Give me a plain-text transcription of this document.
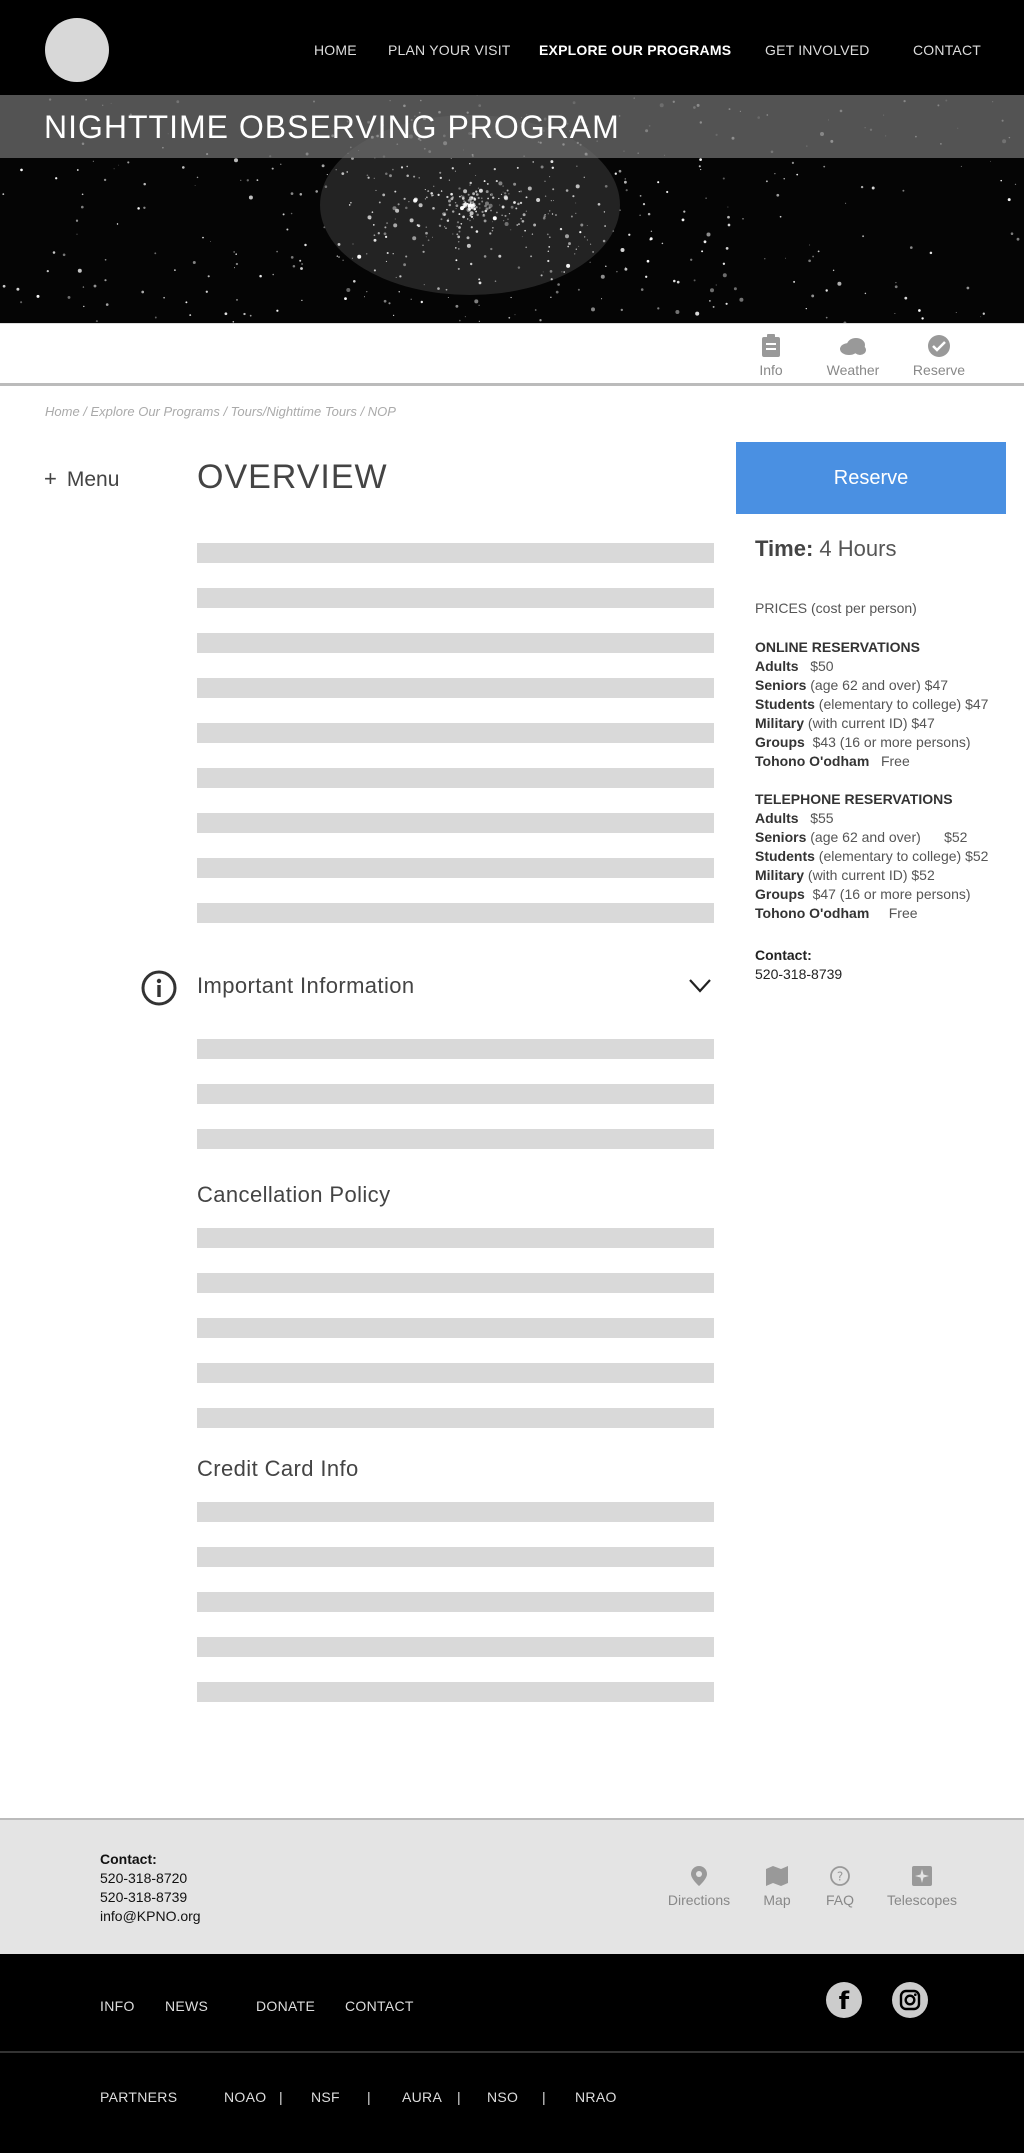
HOME PLAN YOUR VISIT EXPLORE OUR PROGRAMS GET INVOLVED	CONTACT
NIGHTTIME OBSERVING PROGRAM
Info	Weather	Reserve
Home / Explore Our Programs / Tours/Nighttime Tours / NOP
+ Menu OVERVIEW
Important Information
Cancellation Policy
Credit Card Info
Reserve
Time: 4 Hours
PRICES (cost per person)
ONLINE RESERVATIONS
Adults $50
Seniors (age 62 and over) $47
Students (elementary to college) $47
Military (with current ID) $47
Groups $43 (16 or more persons)
Tohono O'odham Free
TELEPHONE RESERVATIONS
Adults $55
Seniors (age 62 and over)      $52
Students (elementary to college) $52
Military (with current ID) $52
Groups $47 (16 or more persons)
Tohono O'odham Free
Contact:
520-318-8739
Contact:
520-318-8720
520-318-8739
info@KPNO.org
Directions	Map
?
FAQ	Telescopes
INFO NEWS	DONATE CONTACT	f
PARTNERS	NOAO | NSF | AURA | NSO | NRAO
